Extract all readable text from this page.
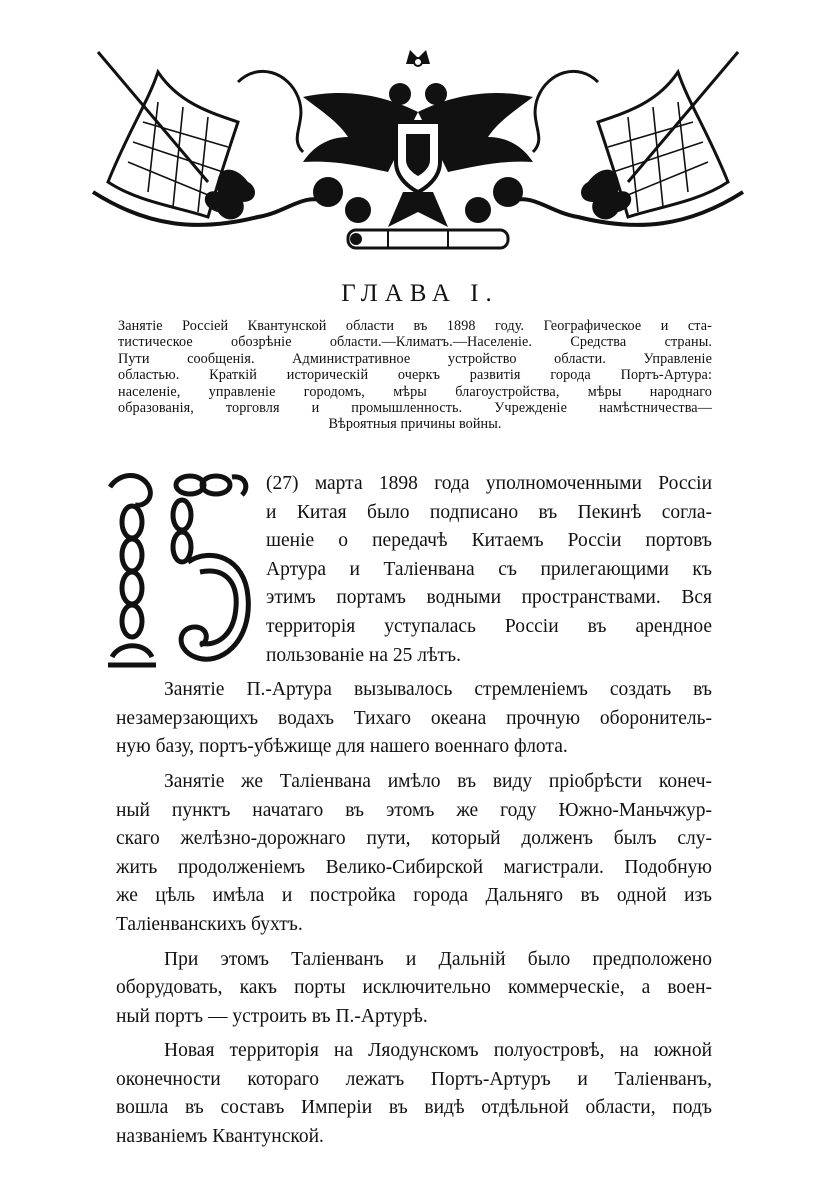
ГЛАВА I.
Занятіе Россіей Квантунской области въ 1898 году. Географическое и ста-
тистическое обозрѣніе области.—Климатъ.—Населеніе. Средства страны.
Пути сообщенія. Административное устройство области. Управленіе
областью. Краткій историческій очеркъ развитія города Портъ-Артура:
населеніе, управленіе городомъ, мѣры благоустройства, мѣры народнаго
образованія, торговля и промышленность. Учрежденіе намѣстничества—
Вѣроятныя причины войны.
(27) марта 1898 года уполномоченными Россіи
и Китая было подписано въ Пекинѣ согла-
шеніе о передачѣ Китаемъ Россіи портовъ
Артура и Таліенвана съ прилегающими къ
этимъ портамъ водными пространствами. Вся
территорія уступалась Россіи въ арендное
пользованіе на 25 лѣтъ.
Занятіе П.-Артура вызывалось стремленіемъ создать въ
незамерзающихъ водахъ Тихаго океана прочную оборонитель-
ную базу, портъ-убѣжище для нашего военнаго флота.
Занятіе же Таліенвана имѣло въ виду пріобрѣсти конеч-
ный пунктъ начатаго въ этомъ же году Южно-Маньчжур-
скаго желѣзно-дорожнаго пути, который долженъ былъ слу-
жить продолженіемъ Велико-Сибирской магистрали. Подобную
же цѣль имѣла и постройка города Дальняго въ одной изъ
Таліенванскихъ бухтъ.
При этомъ Таліенванъ и Дальній было предположено
оборудовать, какъ порты исключительно коммерческіе, а воен-
ный портъ — устроить въ П.-Артурѣ.
Новая территорія на Ляодунскомъ полуостровѣ, на южной
оконечности котораго лежатъ Портъ-Артуръ и Таліенванъ,
вошла въ составъ Имперіи въ видѣ отдѣльной области, подъ
названіемъ Квантунской.
